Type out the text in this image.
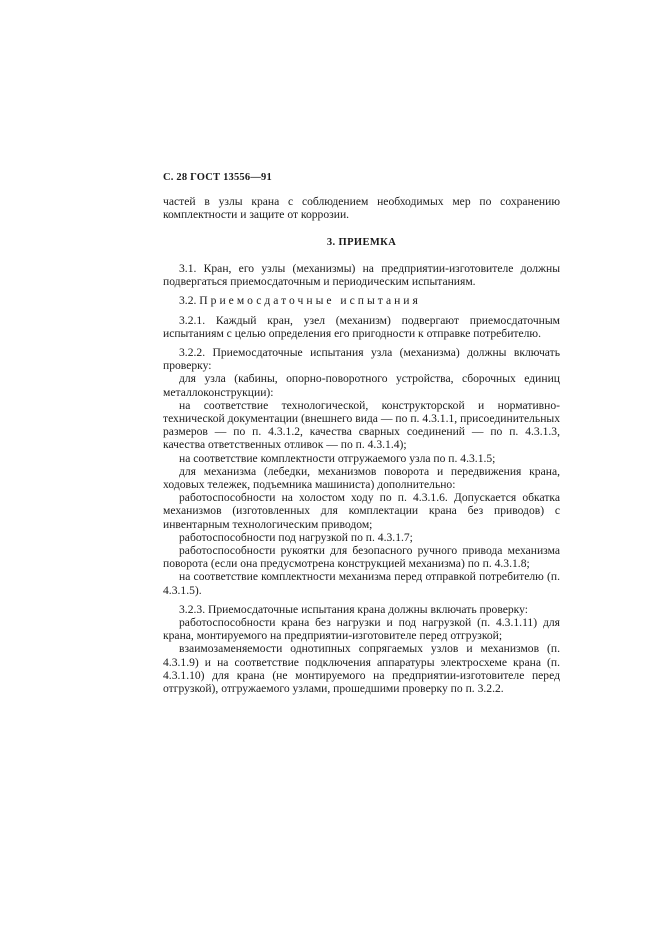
С. 28 ГОСТ 13556—91

частей в узлы крана с соблюдением необходимых мер по сохранению комплектности и защите от коррозии.

3. ПРИЕМКА

3.1. Кран, его узлы (механизмы) на предприятии-изготовителе должны подвергаться приемосдаточным и периодическим испытаниям.

3.2. Приемосдаточные испытания

3.2.1. Каждый кран, узел (механизм) подвергают приемосдаточным испытаниям с целью определения его пригодности к отправке потребителю.

3.2.2. Приемосдаточные испытания узла (механизма) должны включать проверку:

для узла (кабины, опорно-поворотного устройства, сборочных единиц металлоконструкции):

на соответствие технологической, конструкторской и нормативно-технической документации (внешнего вида — по п. 4.3.1.1, присоединительных размеров — по п. 4.3.1.2, качества сварных соединений — по п. 4.3.1.3, качества ответственных отливок — по п. 4.3.1.4);

на соответствие комплектности отгружаемого узла по п. 4.3.1.5;

для механизма (лебедки, механизмов поворота и передвижения крана, ходовых тележек, подъемника машиниста) дополнительно:

работоспособности на холостом ходу по п. 4.3.1.6. Допускается обкатка механизмов (изготовленных для комплектации крана без приводов) с инвентарным технологическим приводом;

работоспособности под нагрузкой по п. 4.3.1.7;

работоспособности рукоятки для безопасного ручного привода механизма поворота (если она предусмотрена конструкцией механизма) по п. 4.3.1.8;

на соответствие комплектности механизма перед отправкой потребителю (п. 4.3.1.5).

3.2.3. Приемосдаточные испытания крана должны включать проверку:

работоспособности крана без нагрузки и под нагрузкой (п. 4.3.1.11) для крана, монтируемого на предприятии-изготовителе перед отгрузкой;

взаимозаменяемости однотипных сопрягаемых узлов и механизмов (п. 4.3.1.9) и на соответствие подключения аппаратуры электросхеме крана (п. 4.3.1.10) для крана (не монтируемого на предприятии-изготовителе перед отгрузкой), отгружаемого узлами, прошедшими проверку по п. 3.2.2.
